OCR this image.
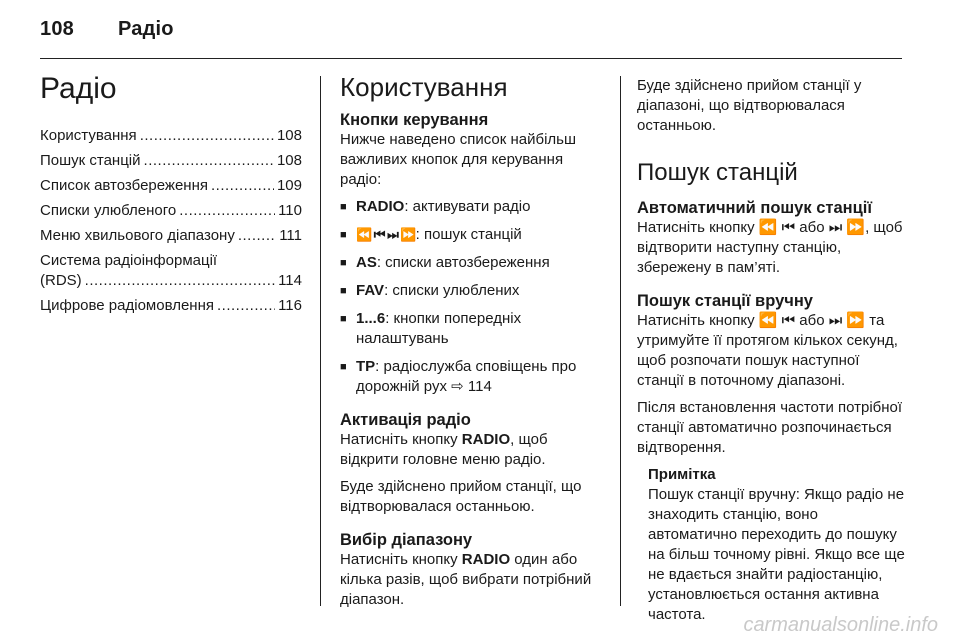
108 Радіо
Радіо
Користування .....	108
Пошук станцій .....	108
Список автозбереження .....	109
Списки улюбленого .....	110
Меню хвильового діапазону .....	111
Система радіоінформації
(RDS) .....	114
Цифрове радіомовлення .....	116
Користування
Кнопки керування

Нижче наведено список найбільш важливих кнопок для керування радіо:

■ RADIO: активувати радіо
■ ⏪ ⏮ ⏭ ⏩: пошук станцій
■ AS: списки автозбереження
■ FAV: списки улюблених
■ 1...6: кнопки попередніх налаштувань
■ TP: радіослужба сповіщень про дорожній рух ⇨ 114
Активація радіо

Натисніть кнопку RADIO, щоб відкрити головне меню радіо.

Буде здійснено прийом станції, що відтворювалася останньою.

Вибір діапазону

Натисніть кнопку RADIO один або кілька разів, щоб вибрати потрібний діапазон.

Буде здійснено прийом станції у діапазоні, що відтворювалася останньою.

Пошук станцій
Автоматичний пошук станції

Натисніть кнопку ⏪ ⏮ або ⏭ ⏩, щоб відтворити наступну станцію, збережену в пам’яті.

Пошук станції вручну

Натисніть кнопку ⏪ ⏮ або ⏭ ⏩ та утримуйте її протягом кількох секунд, щоб розпочати пошук наступної станції в поточному діапазоні.

Після встановлення частоти потрібної станції автоматично розпочинається відтворення.

Примітка

Пошук станції вручну: Якщо радіо не знаходить станцію, воно автоматично переходить до пошуку на більш точному рівні. Якщо все ще не вдається знайти радіостанцію, установлюється остання активна частота.	carmanualsonline.info
